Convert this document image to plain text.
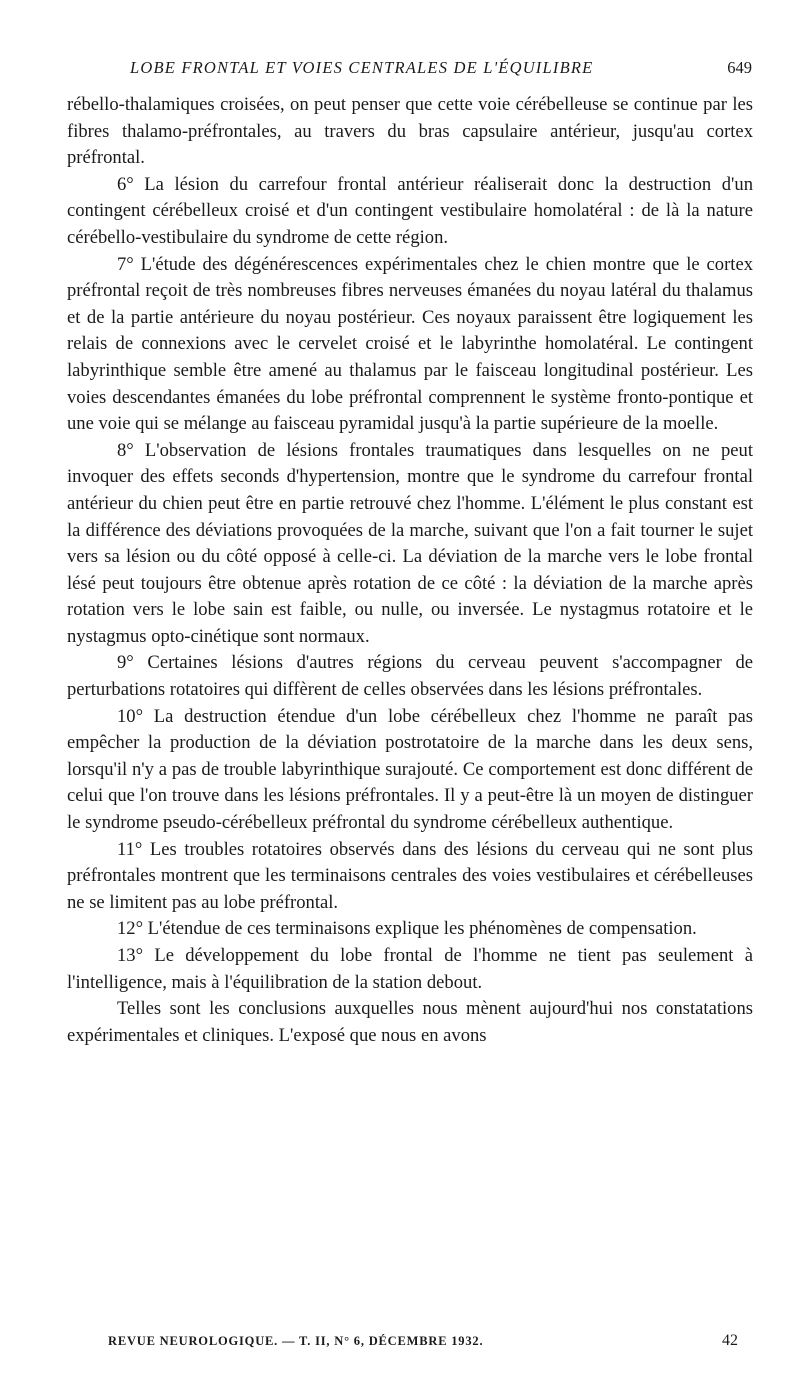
LOBE FRONTAL ET VOIES CENTRALES DE L'ÉQUILIBRE	649

rébello-thalamiques croisées, on peut penser que cette voie cérébelleuse se continue par les fibres thalamo-préfrontales, au travers du bras capsulaire antérieur, jusqu'au cortex préfrontal.

6° La lésion du carrefour frontal antérieur réaliserait donc la destruction d'un contingent cérébelleux croisé et d'un contingent vestibulaire homolatéral : de là la nature cérébello-vestibulaire du syndrome de cette région.

7° L'étude des dégénérescences expérimentales chez le chien montre que le cortex préfrontal reçoit de très nombreuses fibres nerveuses émanées du noyau latéral du thalamus et de la partie antérieure du noyau postérieur. Ces noyaux paraissent être logiquement les relais de connexions avec le cervelet croisé et le labyrinthe homolatéral. Le contingent labyrinthique semble être amené au thalamus par le faisceau longitudinal postérieur. Les voies descendantes émanées du lobe préfrontal comprennent le système fronto-pontique et une voie qui se mélange au faisceau pyramidal jusqu'à la partie supérieure de la moelle.

8° L'observation de lésions frontales traumatiques dans lesquelles on ne peut invoquer des effets seconds d'hypertension, montre que le syndrome du carrefour frontal antérieur du chien peut être en partie retrouvé chez l'homme. L'élément le plus constant est la différence des déviations provoquées de la marche, suivant que l'on a fait tourner le sujet vers sa lésion ou du côté opposé à celle-ci. La déviation de la marche vers le lobe frontal lésé peut toujours être obtenue après rotation de ce côté : la déviation de la marche après rotation vers le lobe sain est faible, ou nulle, ou inversée. Le nystagmus rotatoire et le nystagmus opto-cinétique sont normaux.

9° Certaines lésions d'autres régions du cerveau peuvent s'accompagner de perturbations rotatoires qui diffèrent de celles observées dans les lésions préfrontales.

10° La destruction étendue d'un lobe cérébelleux chez l'homme ne paraît pas empêcher la production de la déviation postrotatoire de la marche dans les deux sens, lorsqu'il n'y a pas de trouble labyrinthique surajouté. Ce comportement est donc différent de celui que l'on trouve dans les lésions préfrontales. Il y a peut-être là un moyen de distinguer le syndrome pseudo-cérébelleux préfrontal du syndrome cérébelleux authentique.

11° Les troubles rotatoires observés dans des lésions du cerveau qui ne sont plus préfrontales montrent que les terminaisons centrales des voies vestibulaires et cérébelleuses ne se limitent pas au lobe préfrontal.

12° L'étendue de ces terminaisons explique les phénomènes de compensation.

13° Le développement du lobe frontal de l'homme ne tient pas seulement à l'intelligence, mais à l'équilibration de la station debout.

Telles sont les conclusions auxquelles nous mènent aujourd'hui nos constatations expérimentales et cliniques. L'exposé que nous en avons

REVUE NEUROLOGIQUE. — T. II, N° 6, DÉCEMBRE 1932.	42
